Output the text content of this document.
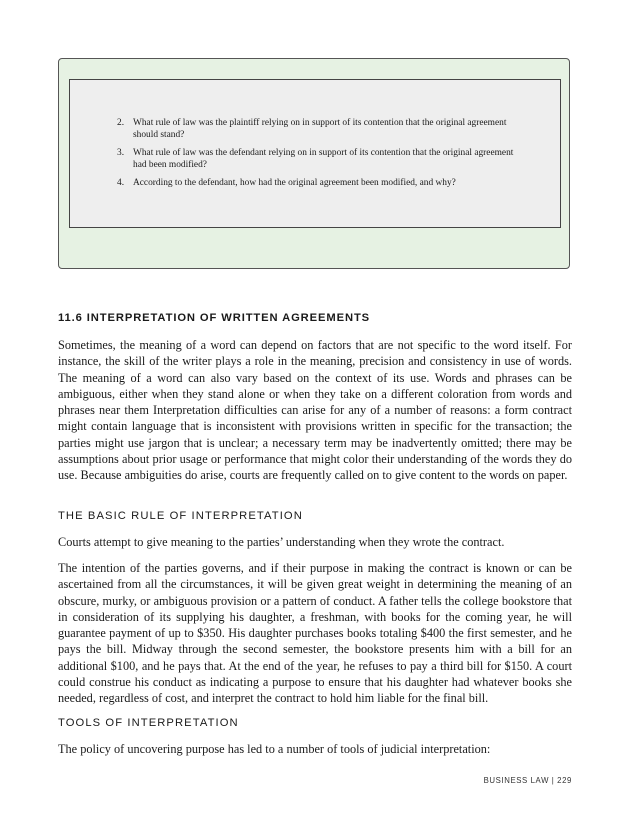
2. What rule of law was the plaintiff relying on in support of its contention that the original agreement should stand?
3. What rule of law was the defendant relying on in support of its contention that the original agreement had been modified?
4. According to the defendant, how had the original agreement been modified, and why?
11.6 INTERPRETATION OF WRITTEN AGREEMENTS

Sometimes, the meaning of a word can depend on factors that are not specific to the word itself. For instance, the skill of the writer plays a role in the meaning, precision and consistency in use of words. The meaning of a word can also vary based on the context of its use. Words and phrases can be ambiguous, either when they stand alone or when they take on a different coloration from words and phrases near them Interpretation difficulties can arise for any of a number of reasons: a form contract might contain language that is inconsistent with provisions written in specific for the transaction; the parties might use jargon that is unclear; a necessary term may be inadvertently omitted; there may be assumptions about prior usage or performance that might color their understanding of the words they do use. Because ambiguities do arise, courts are frequently called on to give content to the words on paper.

THE BASIC RULE OF INTERPRETATION

Courts attempt to give meaning to the parties’ understanding when they wrote the contract.

The intention of the parties governs, and if their purpose in making the contract is known or can be ascertained from all the circumstances, it will be given great weight in determining the meaning of an obscure, murky, or ambiguous provision or a pattern of conduct. A father tells the college bookstore that in consideration of its supplying his daughter, a freshman, with books for the coming year, he will guarantee payment of up to $350. His daughter purchases books totaling $400 the first semester, and he pays the bill. Midway through the second semester, the bookstore presents him with a bill for an additional $100, and he pays that. At the end of the year, he refuses to pay a third bill for $150. A court could construe his conduct as indicating a purpose to ensure that his daughter had whatever books she needed, regardless of cost, and interpret the contract to hold him liable for the final bill.

TOOLS OF INTERPRETATION

The policy of uncovering purpose has led to a number of tools of judicial interpretation:

BUSINESS LAW | 229
